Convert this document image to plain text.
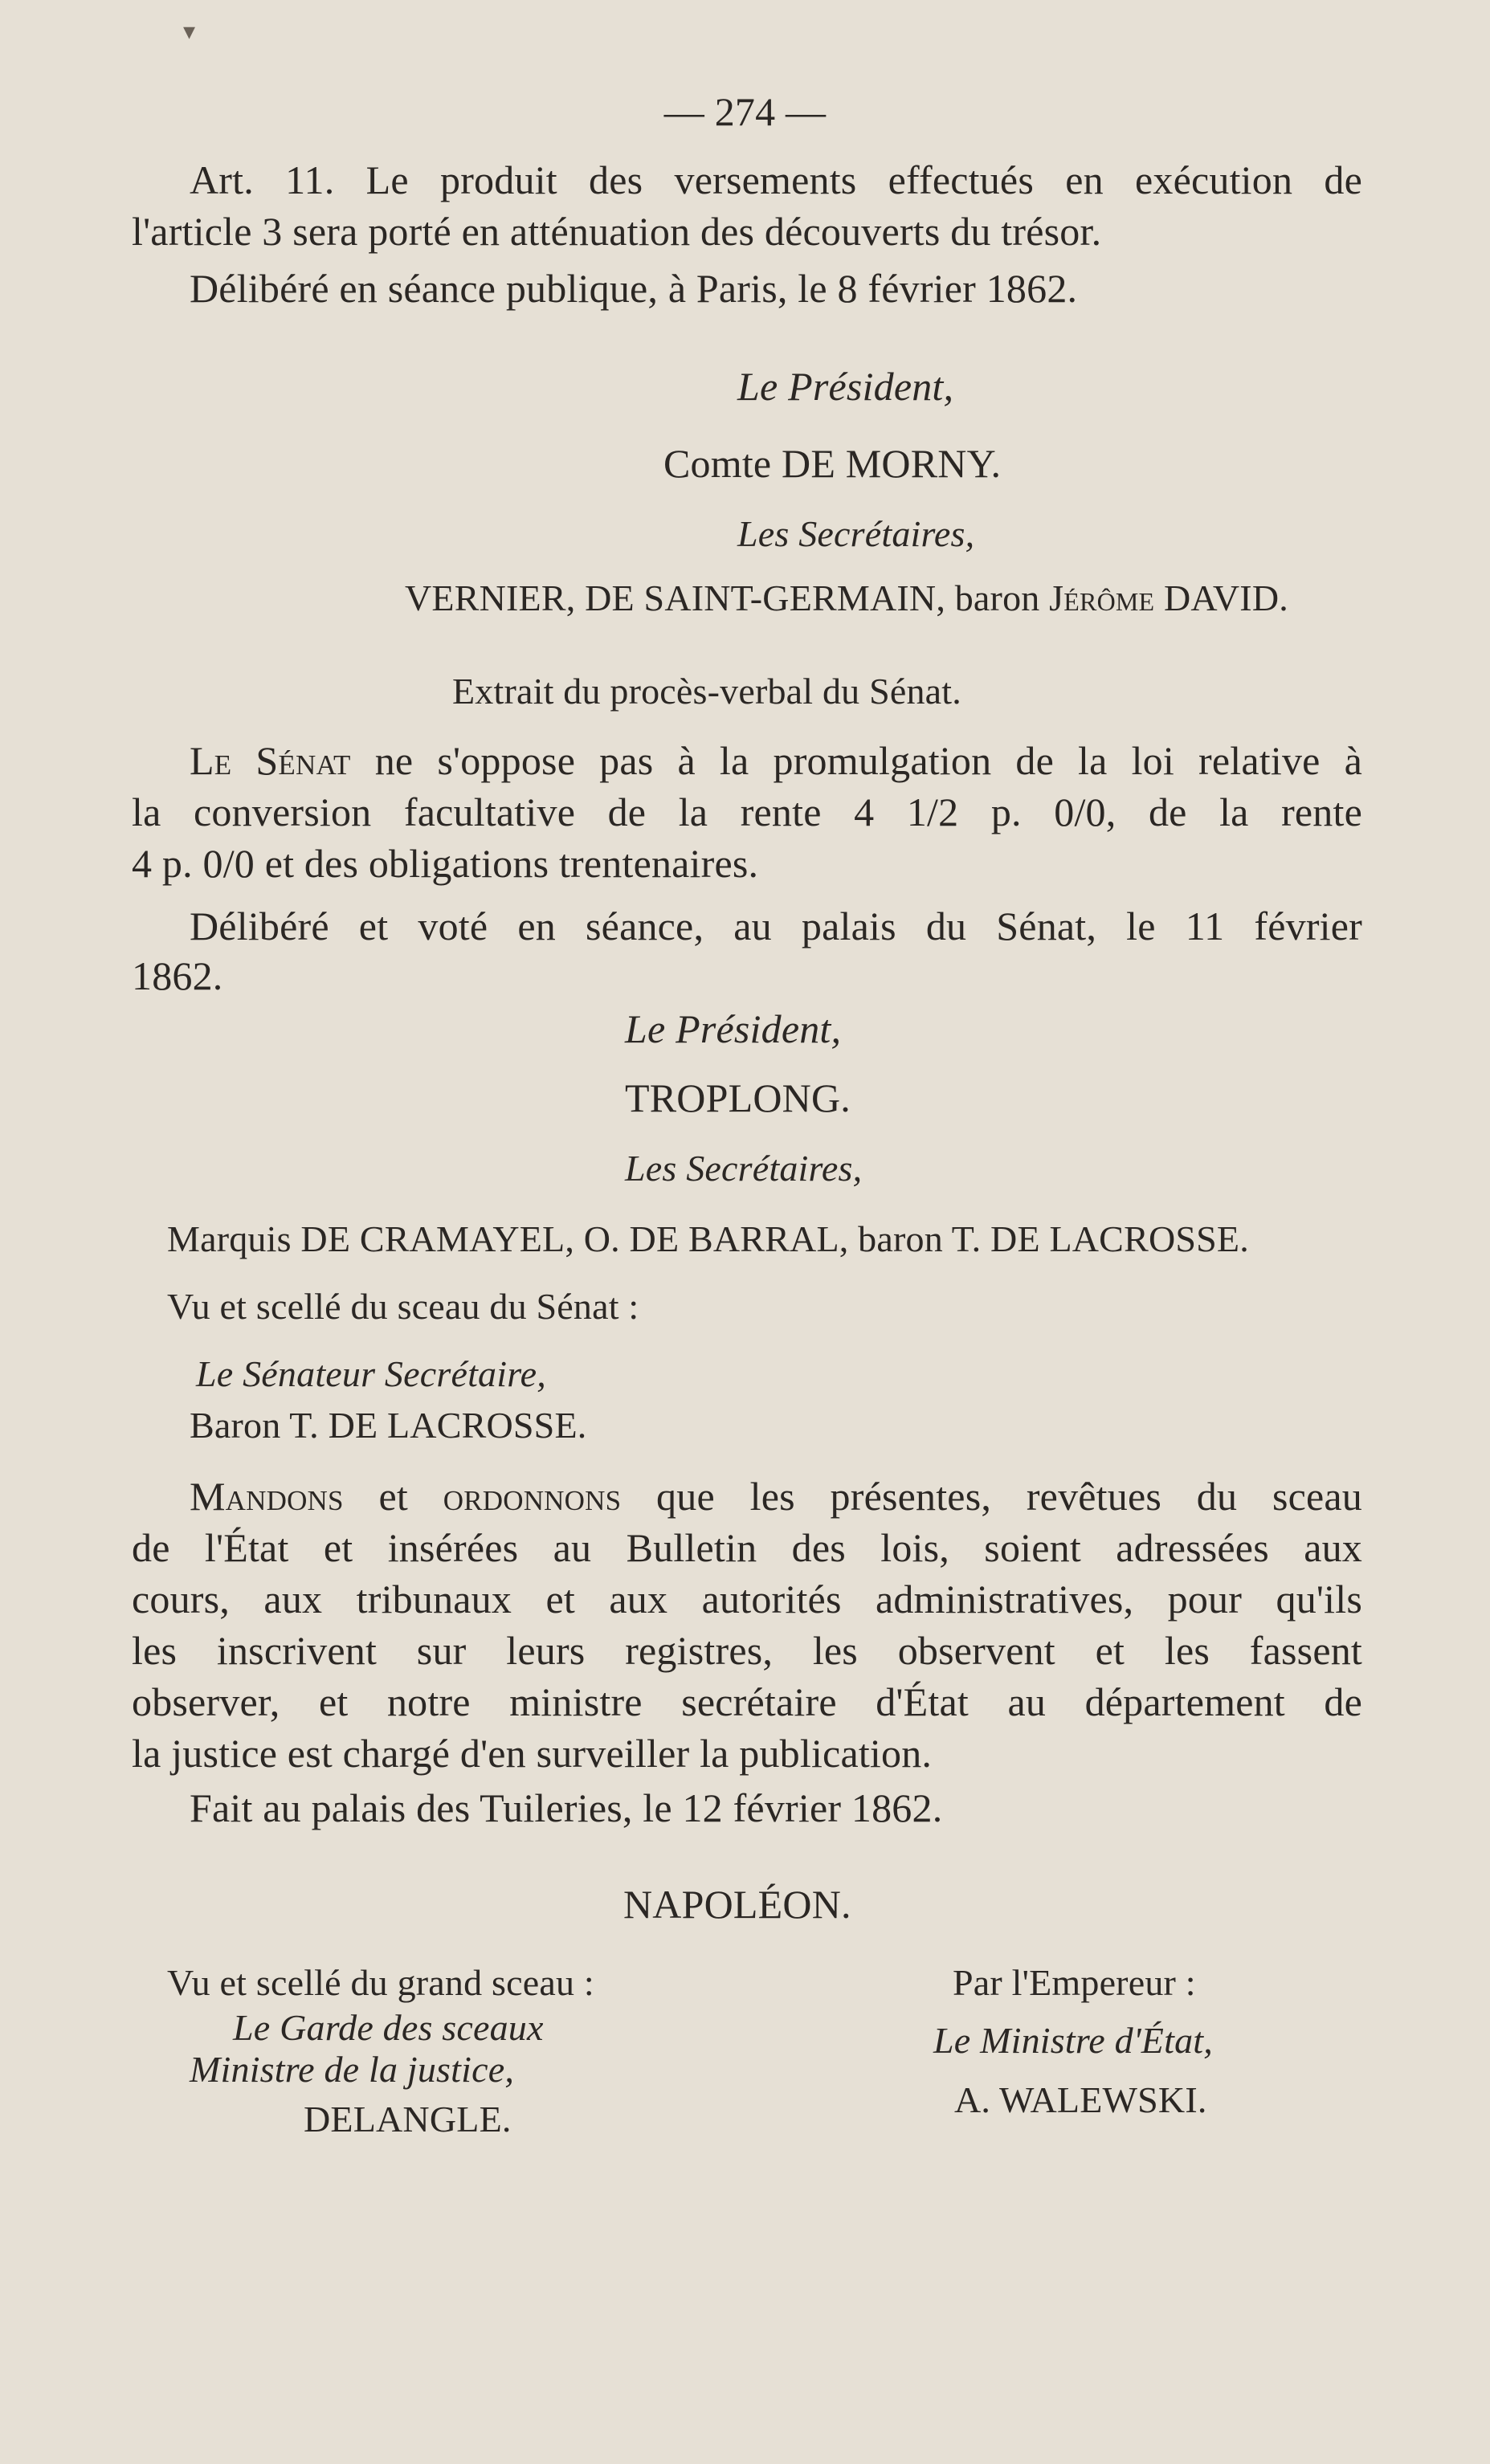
▾
— 274 —
Art. 11. Le produit des versements effectués en exécution de
l'article 3 sera porté en atténuation des découverts du trésor.
Délibéré en séance publique, à Paris, le 8 février 1862.
Le Président,
Comte DE MORNY.
Les Secrétaires,
VERNIER, DE SAINT-GERMAIN, baron Jérôme DAVID.
Extrait du procès-verbal du Sénat.
Le Sénat ne s'oppose pas à la promulgation de la loi relative à
la conversion facultative de la rente 4 1/2 p. 0/0, de la rente
4 p. 0/0 et des obligations trentenaires.
Délibéré et voté en séance, au palais du Sénat, le 11 février
1862.
Le Président,
TROPLONG.
Les Secrétaires,
Marquis DE CRAMAYEL, O. DE BARRAL, baron T. DE LACROSSE.
Vu et scellé du sceau du Sénat :
Le Sénateur Secrétaire,
Baron T. DE LACROSSE.
Mandons et ordonnons que les présentes, revêtues du sceau
de l'État et insérées au Bulletin des lois, soient adressées aux
cours, aux tribunaux et aux autorités administratives, pour qu'ils
les inscrivent sur leurs registres, les observent et les fassent
observer, et notre ministre secrétaire d'État au département de
la justice est chargé d'en surveiller la publication.
Fait au palais des Tuileries, le 12 février 1862.
NAPOLÉON.
Vu et scellé du grand sceau :
Le Garde des sceaux
Ministre de la justice,
DELANGLE.
Par l'Empereur :
Le Ministre d'État,
A. WALEWSKI.
